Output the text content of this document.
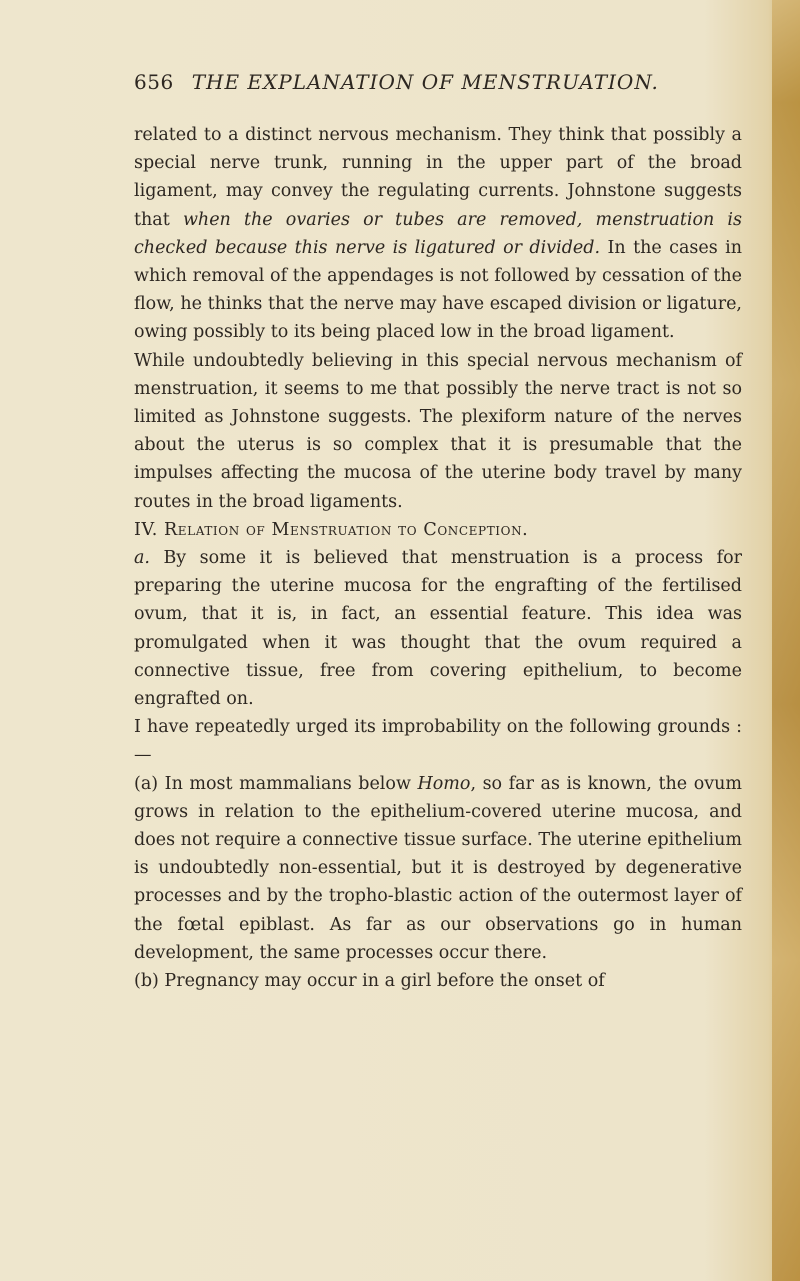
656 THE EXPLANATION OF MENSTRUATION.

related to a distinct nervous mechanism. They think that possibly a special nerve trunk, running in the upper part of the broad ligament, may convey the regulating currents. Johnstone suggests that when the ovaries or tubes are removed, menstruation is checked because this nerve is ligatured or divided. In the cases in which removal of the appendages is not followed by cessation of the flow, he thinks that the nerve may have escaped division or ligature, owing possibly to its being placed low in the broad ligament.

While undoubtedly believing in this special nervous mechanism of menstruation, it seems to me that possibly the nerve tract is not so limited as Johnstone suggests. The plexiform nature of the nerves about the uterus is so complex that it is presumable that the impulses affecting the mucosa of the uterine body travel by many routes in the broad ligaments.

IV. Relation of Menstruation to Conception.

a. By some it is believed that menstruation is a process for preparing the uterine mucosa for the engrafting of the fertilised ovum, that it is, in fact, an essential feature. This idea was promulgated when it was thought that the ovum required a connective tissue, free from covering epithelium, to become engrafted on.

I have repeatedly urged its improbability on the following grounds :—

(a) In most mammalians below Homo, so far as is known, the ovum grows in relation to the epithelium-covered uterine mucosa, and does not require a connective tissue surface. The uterine epithelium is undoubtedly non-essential, but it is destroyed by degenerative processes and by the tropho-blastic action of the outermost layer of the fœtal epiblast. As far as our observations go in human development, the same processes occur there.

(b) Pregnancy may occur in a girl before the onset of
